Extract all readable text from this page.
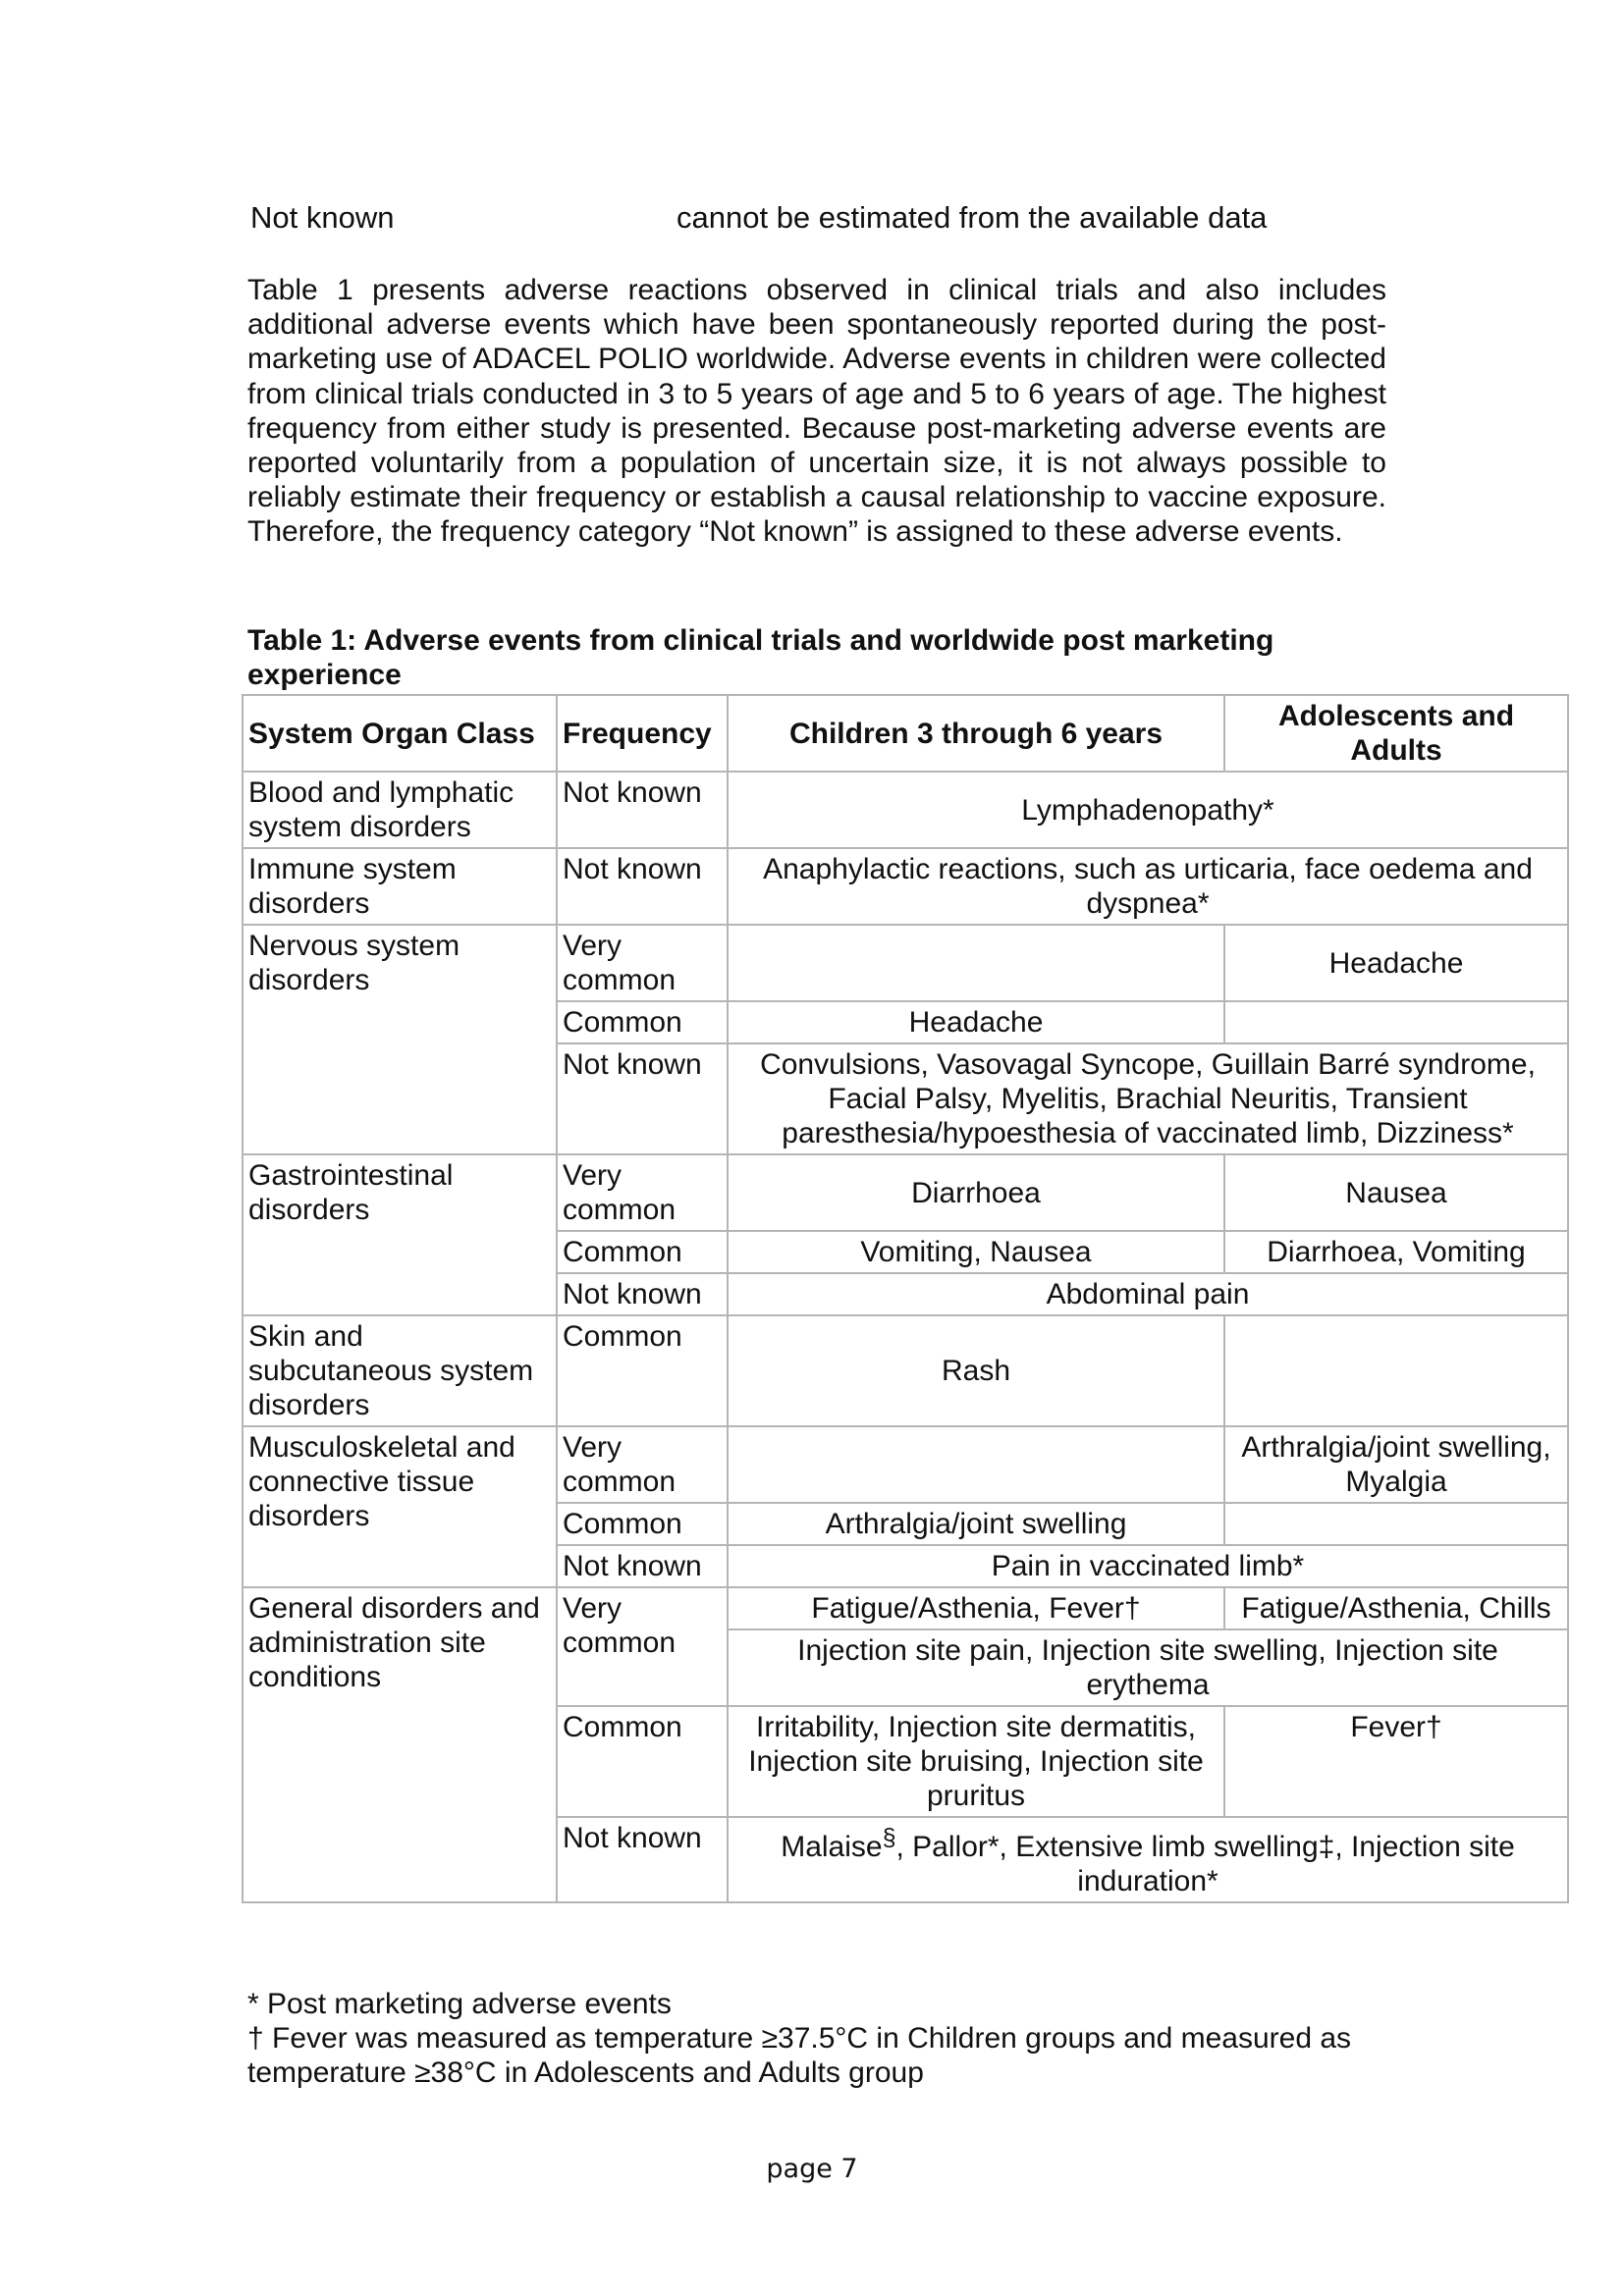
Not known	cannot be estimated from the available data

Table 1 presents adverse reactions observed in clinical trials and also includes additional adverse events which have been spontaneously reported during the post-marketing use of ADACEL POLIO worldwide. Adverse events in children were collected from clinical trials conducted in 3 to 5 years of age and 5 to 6 years of age. The highest frequency from either study is presented. Because post-marketing adverse events are reported voluntarily from a population of uncertain size, it is not always possible to reliably estimate their frequency or establish a causal relationship to vaccine exposure. Therefore, the frequency category “Not known” is assigned to these adverse events.

Table 1: Adverse events from clinical trials and worldwide post marketing experience

System Organ Class	Frequency	Children 3 through 6 years	Adolescents and Adults
Blood and lymphatic system disorders	Not known	Lymphadenopathy*	
Immune system disorders	Not known	Anaphylactic reactions, such as urticaria, face oedema and dyspnea*	
Nervous system disorders	Very common		Headache
	Common	Headache	
	Not known	Convulsions, Vasovagal Syncope, Guillain Barré syndrome, Facial Palsy, Myelitis, Brachial Neuritis, Transient paresthesia/hypoesthesia of vaccinated limb, Dizziness*	
Gastrointestinal disorders	Very common	Diarrhoea	Nausea
	Common	Vomiting, Nausea	Diarrhoea, Vomiting
	Not known	Abdominal pain	
Skin and subcutaneous system disorders	Common	Rash	
Musculoskeletal and connective tissue disorders	Very common		Arthralgia/joint swelling, Myalgia
	Common	Arthralgia/joint swelling	
	Not known	Pain in vaccinated limb*	
General disorders and administration site conditions	Very common	Fatigue/Asthenia, Fever†	Fatigue/Asthenia, Chills
		Injection site pain, Injection site swelling, Injection site erythema	
	Common	Irritability, Injection site dermatitis, Injection site bruising, Injection site pruritus	Fever†
	Not known	Malaise§, Pallor*, Extensive limb swelling‡, Injection site induration*	

* Post marketing adverse events

† Fever was measured as temperature ≥37.5°C in Children groups and measured as temperature ≥38°C in Adolescents and Adults group

page 7
